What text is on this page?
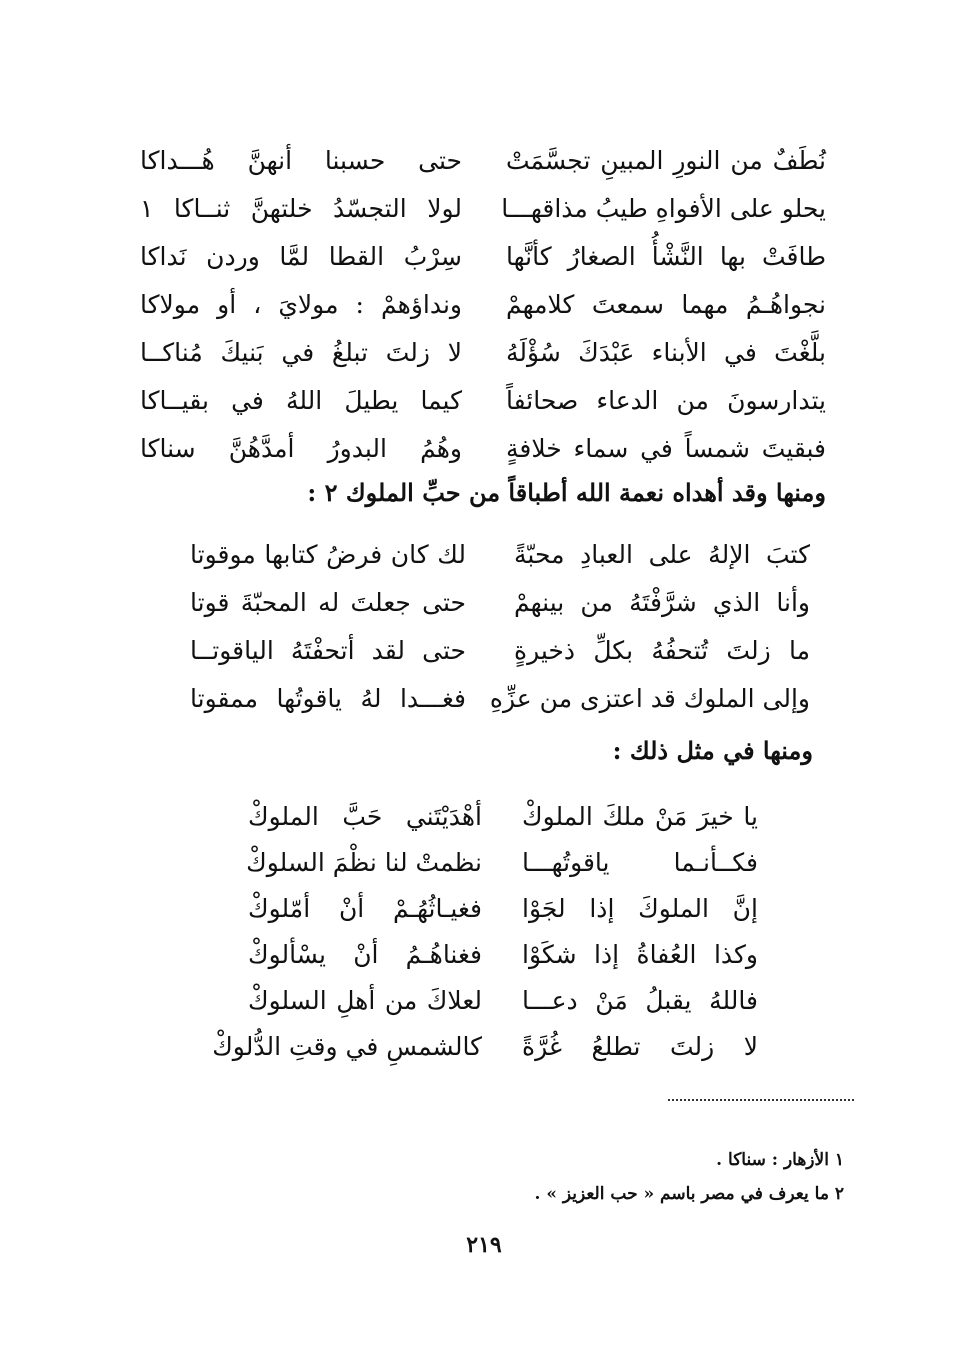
نُطَفٌ من النورِ المبينِ تجسَّمَتْ
حتى حسبنا أنهنَّ هُـــداكا
يحلو على الأفواهِ طيبُ مذاقهـــا
لولا التجسّدُ خلتهنَّ ثنــاكا ١
طافَتْ بها النَّشْأُ الصغارُ كأنَّها
سِرْبُ القطا لمَّا وردن نَداكا
نجواهُـمُ مهما سمعتَ كلامهمْ
ونداؤهمْ : مولايَ ، أو مولاكا
بلَّغْتَ في الأبناء عَبْدَكَ سُؤْلَهُ
لا زلتَ تبلغُ في بَنيكَ مُناكــا
يتدارسونَ من الدعاء صحائفاً
كيما يطيلَ اللهُ في بقيــاكا
فبقيتَ شمساً في سماء خلافةٍ
وهُمُ البدورُ أمدَّهُنَّ سناكا
ومنها وقد أهداه نعمة الله أطباقاً من حبِّ الملوك ٢ :
كتبَ الإلهُ على العبادِ محبّةً
لك كان فرضُ كتابها موقوتا
وأنا الذي شرَّفْتَهُ من بينهمْ
حتى جعلتَ له المحبّةَ قوتا
ما زلتَ تُتحفُهُ بكلِّ ذخيرةٍ
حتى لقد أتحفْتَهُ الياقوتــا
وإلى الملوك قد اعتزى من عزِّهِ
فغـــدا لهُ ياقوتُها ممقوتا
ومنها في مثل ذلك :
يا خيرَ مَنْ ملكَ الملوكْ
أهْدَيْتَني حَبَّ الملوكْ
فكــأنـما ياقوتُهـــا
نظمتْ لنا نظْمَ السلوكْ
إنَّ الملوكَ إذا لجَوْا
فغيـاثُهُـمْ أنْ أمّلوكْ
وكذا العُفاةُ إذا شكَوْا
فغناهُـمُ أنْ يسْألوكْ
فاللهُ يقبلُ مَنْ دعـــا
لعلاكَ من أهلِ السلوكْ
لا زلتَ تطلعُ غُرَّةً
كالشمسِ في وقتِ الدُّلوكْ
١ الأزهار : سناكا .
٢ ما يعرف في مصر باسم « حب العزيز » .
٢١٩
